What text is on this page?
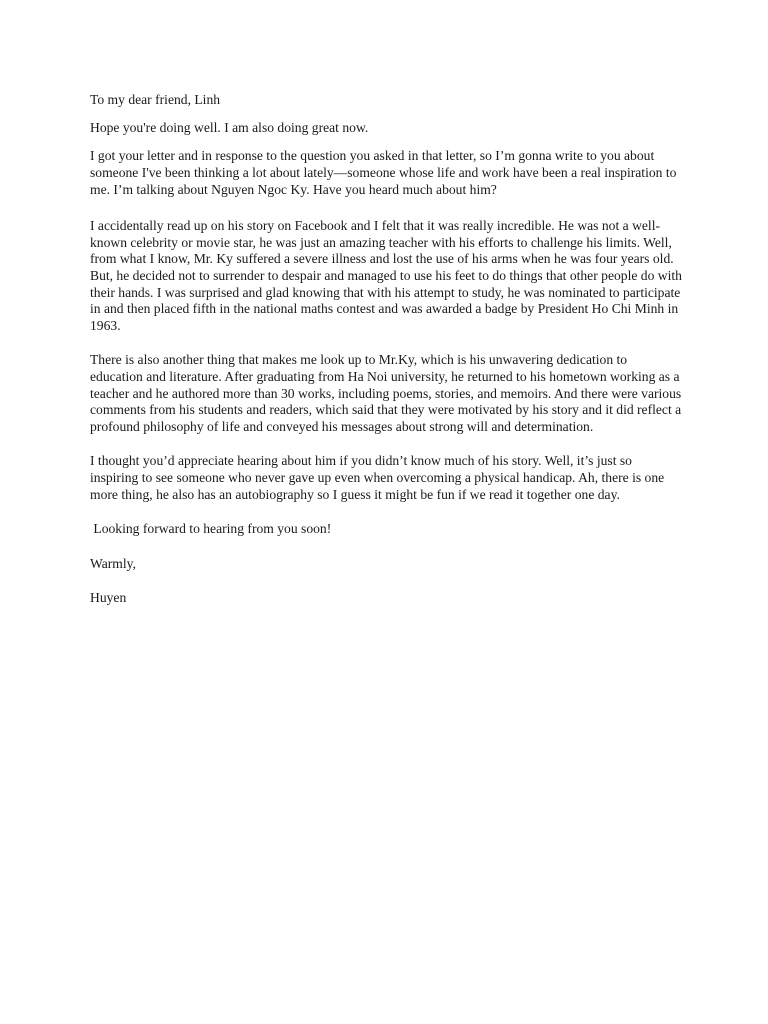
To my dear friend, Linh

Hope you're doing well. I am also doing great now.

I got your letter and in response to the question you asked in that letter, so I’m gonna write to you about someone I've been thinking a lot about lately—someone whose life and work have been a real inspiration to me. I’m talking about Nguyen Ngoc Ky. Have you heard much about him?

I accidentally read up on his story on Facebook and I felt that it was really incredible. He was not a well-known celebrity or movie star, he was just an amazing teacher with his efforts to challenge his limits. Well, from what I know, Mr. Ky suffered a severe illness and lost the use of his arms when he was four years old. But, he decided not to surrender to despair and managed to use his feet to do things that other people do with their hands. I was surprised and glad knowing that with his attempt to study, he was nominated to participate in and then placed fifth in the national maths contest and was awarded a badge by President Ho Chi Minh in 1963.

There is also another thing that makes me look up to Mr.Ky, which is his unwavering dedication to education and literature. After graduating from Ha Noi university, he returned to his hometown working as a teacher and he authored more than 30 works, including poems, stories, and memoirs. And there were various comments from his students and readers, which said that they were motivated by his story and it did reflect a profound philosophy of life and conveyed his messages about strong will and determination.

I thought you’d appreciate hearing about him if you didn’t know much of his story. Well, it’s just so inspiring to see someone who never gave up even when overcoming a physical handicap. Ah, there is one more thing, he also has an autobiography so I guess it might be fun if we read it together one day.

Looking forward to hearing from you soon!

Warmly,

Huyen
